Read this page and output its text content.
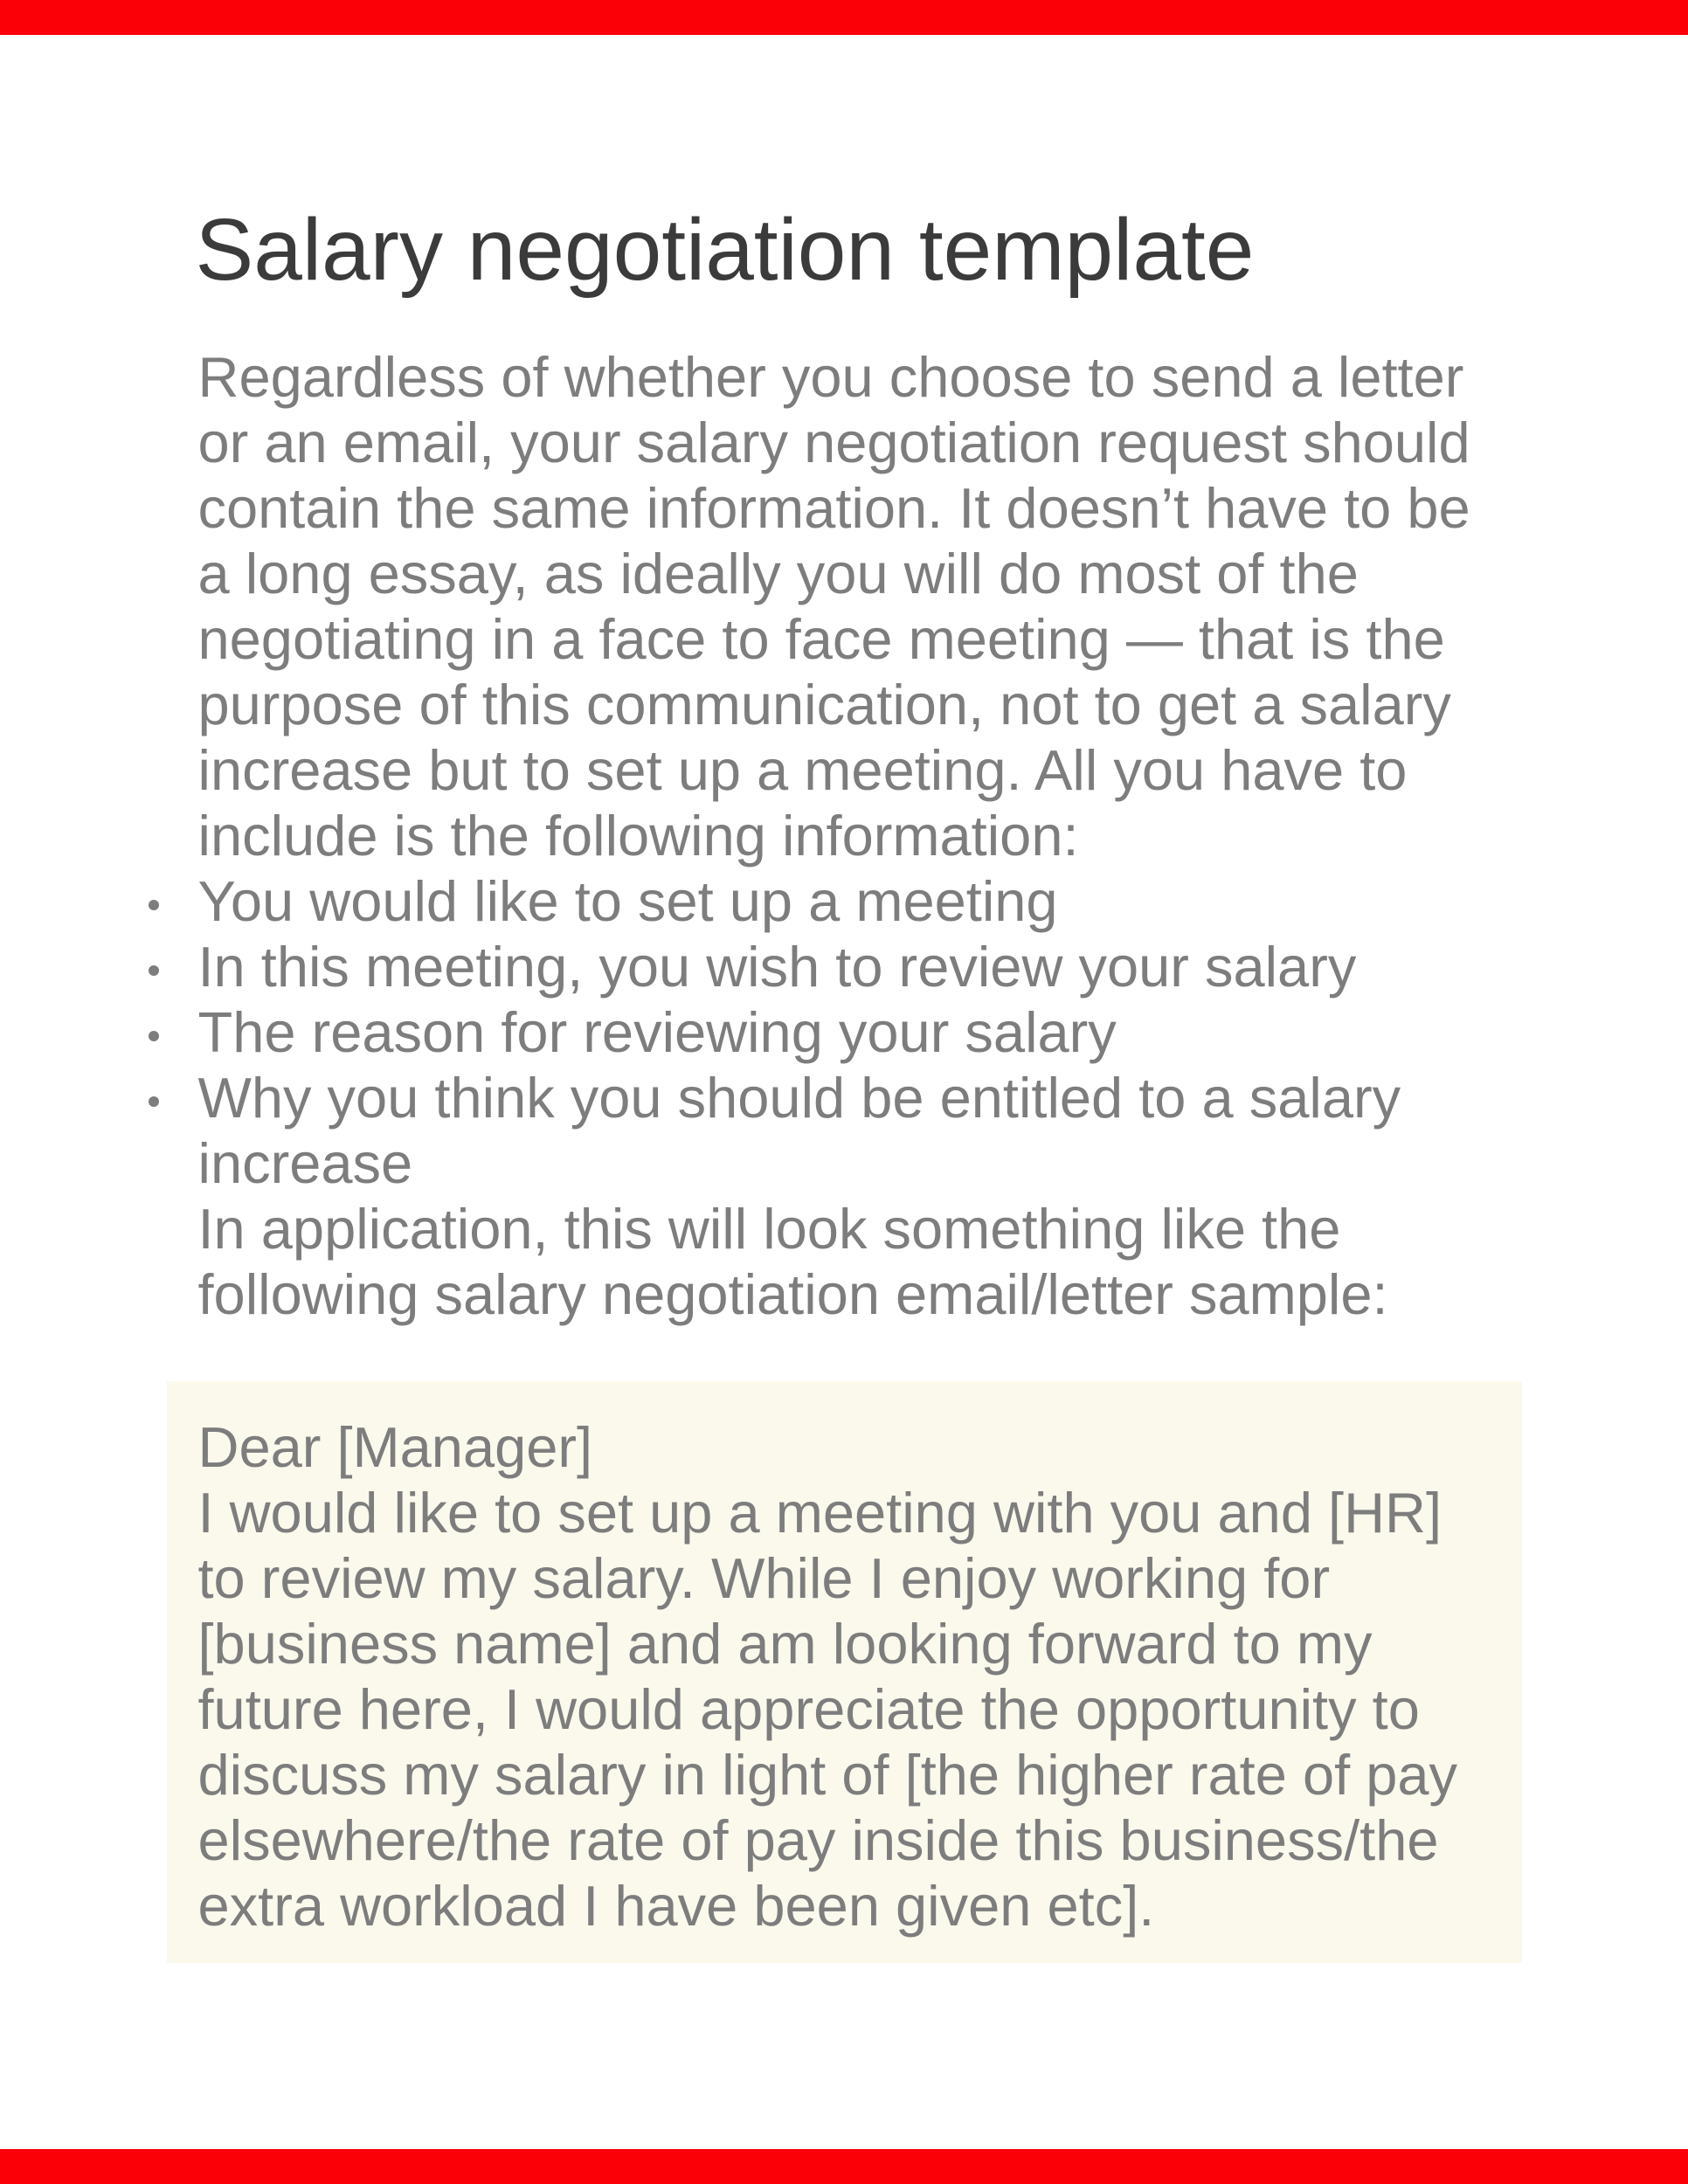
Salary negotiation template

Regardless of whether you choose to send a letter or an email, your salary negotiation request should contain the same information. It doesn’t have to be a long essay, as ideally you will do most of the negotiating in a face to face meeting — that is the purpose of this communication, not to get a salary increase but to set up a meeting. All you have to include is the following information:

You would like to set up a meeting
In this meeting, you wish to review your salary
The reason for reviewing your salary
Why you think you should be entitled to a salary increase

In application, this will look something like the following salary negotiation email/letter sample:

Dear [Manager]

I would like to set up a meeting with you and [HR] to review my salary. While I enjoy working for [business name] and am looking forward to my future here, I would appreciate the opportunity to discuss my salary in light of [the higher rate of pay elsewhere/the rate of pay inside this business/the extra workload I have been given etc].
